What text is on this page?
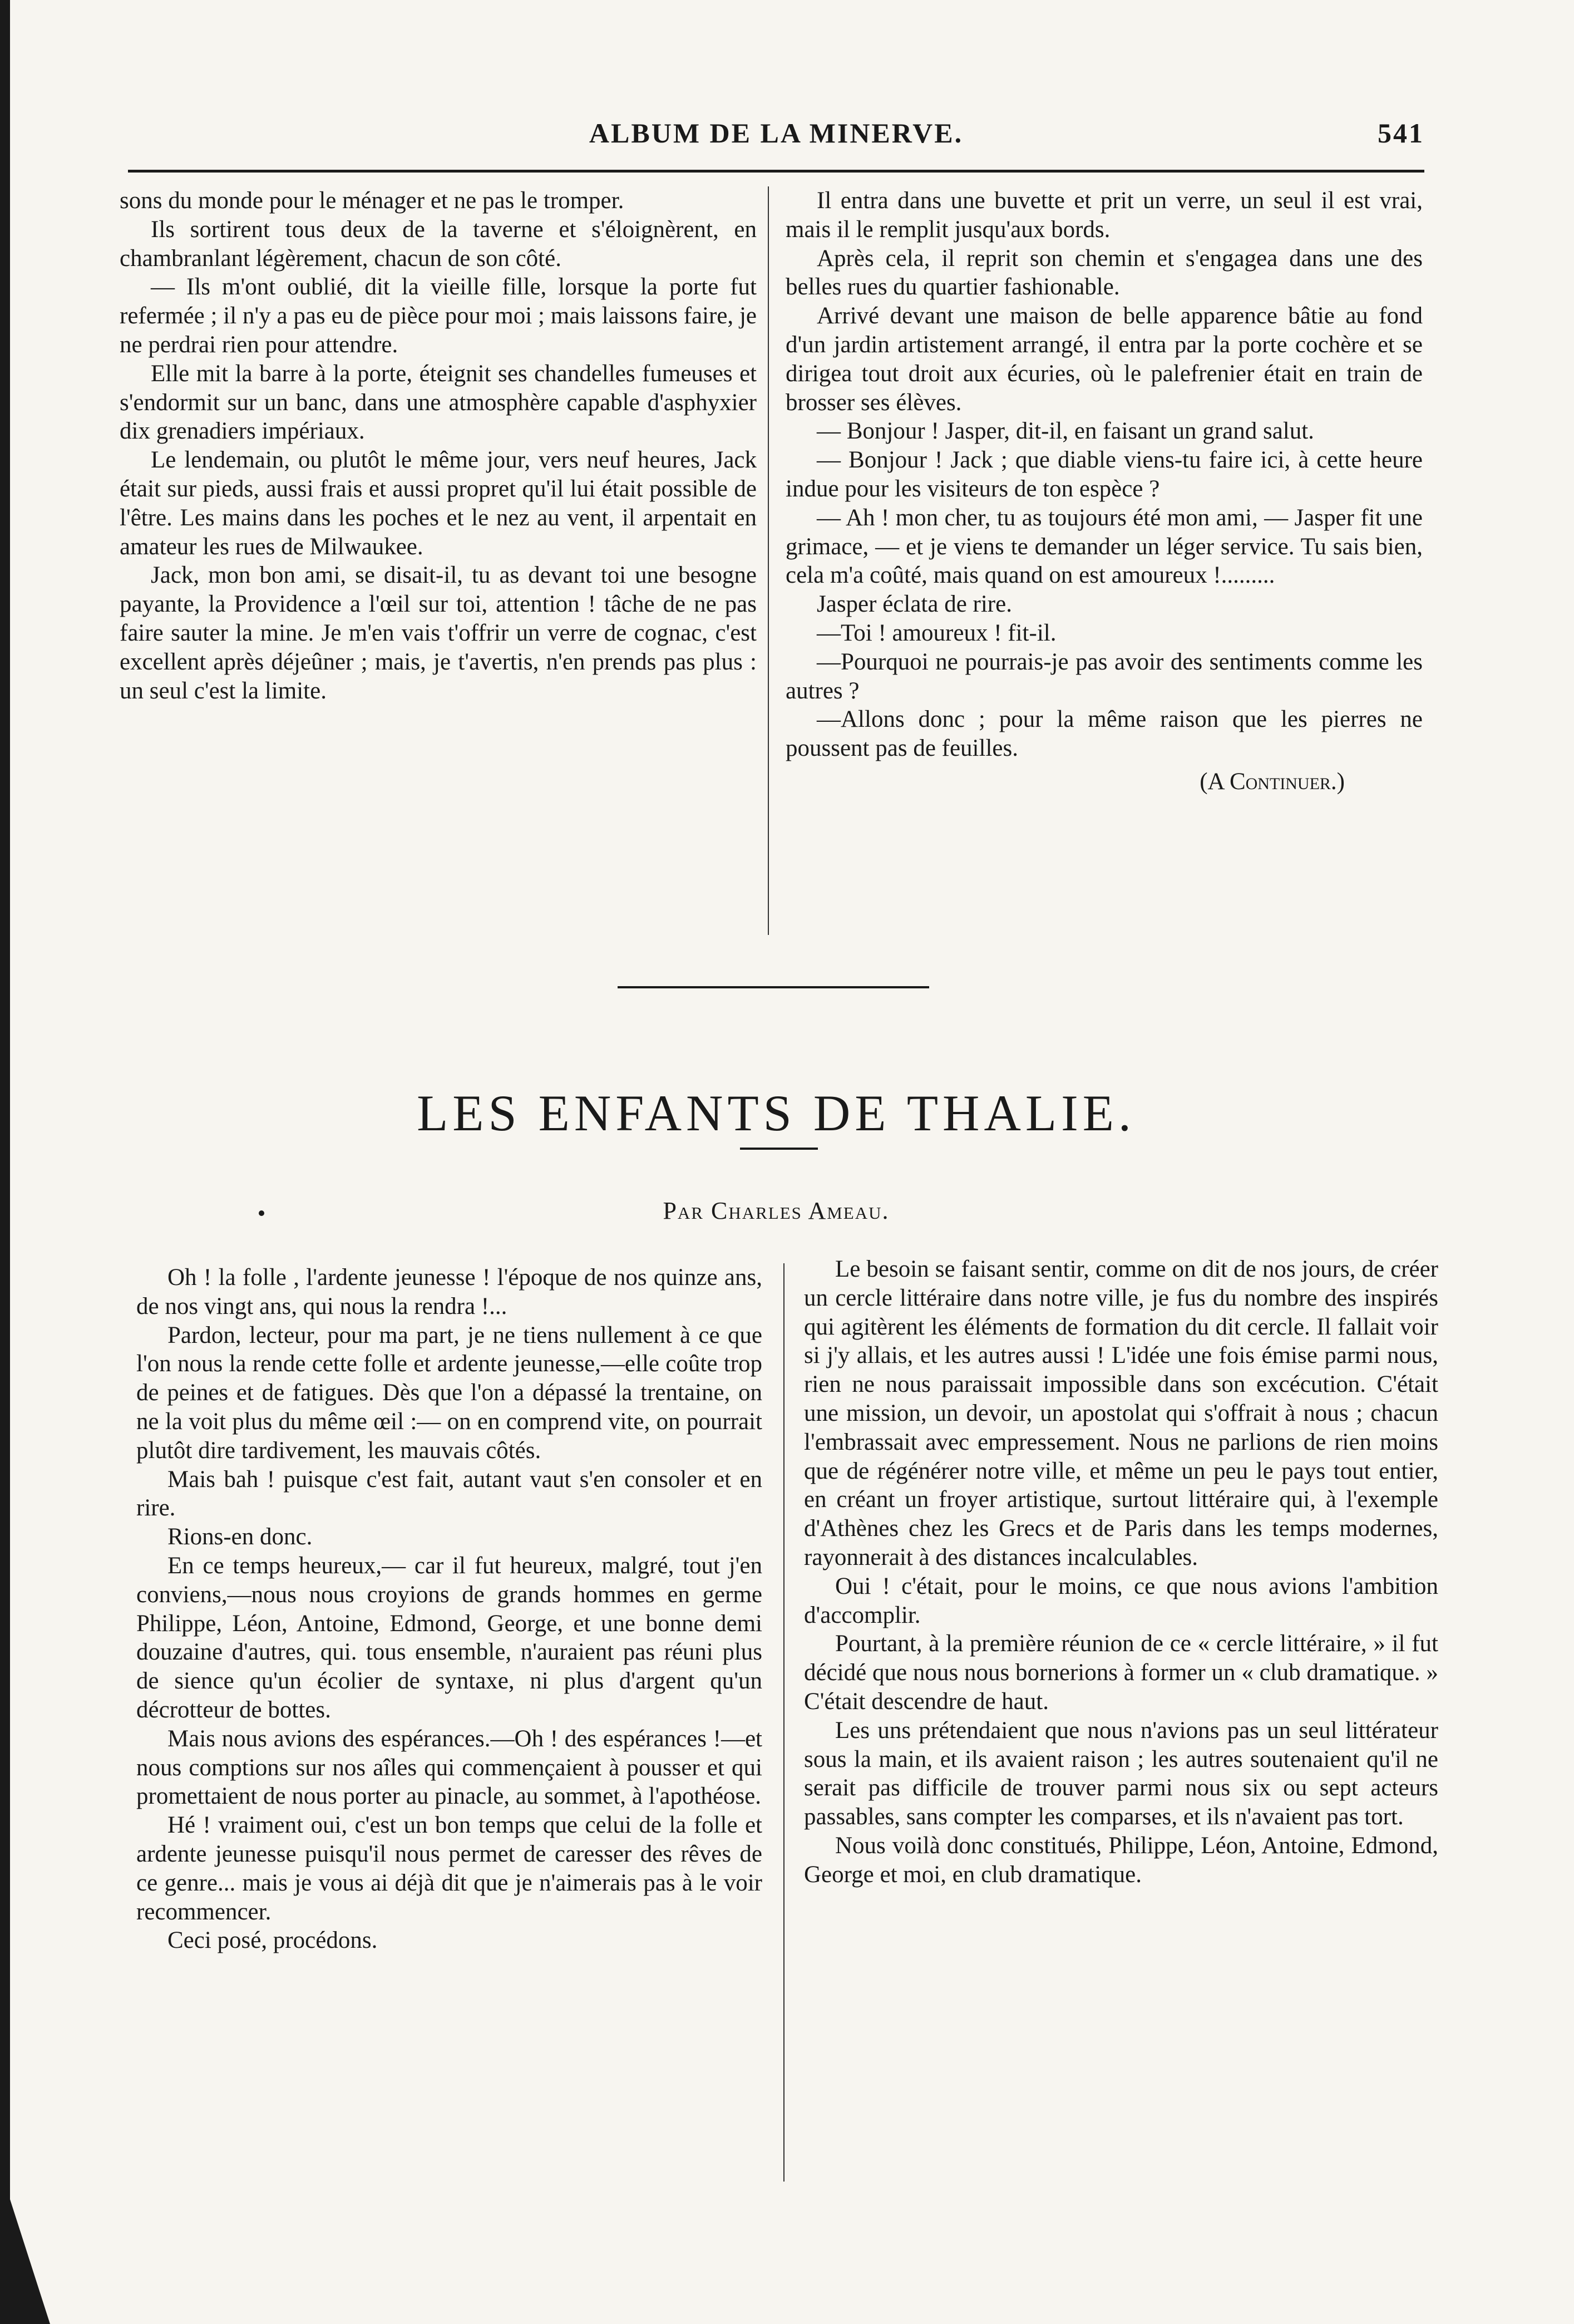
ALBUM DE LA MINERVE.	541

sons du monde pour le ménager et ne pas le tromper.

Ils sortirent tous deux de la taverne et s'éloignèrent, en chambranlant légèrement, chacun de son côté.

— Ils m'ont oublié, dit la vieille fille, lorsque la porte fut refermée ; il n'y a pas eu de pièce pour moi ; mais laissons faire, je ne perdrai rien pour attendre.

Elle mit la barre à la porte, éteignit ses chandelles fumeuses et s'endormit sur un banc, dans une atmosphère capable d'asphyxier dix grenadiers impériaux.

Le lendemain, ou plutôt le même jour, vers neuf heures, Jack était sur pieds, aussi frais et aussi propret qu'il lui était possible de l'être. Les mains dans les poches et le nez au vent, il arpentait en amateur les rues de Milwaukee.

Jack, mon bon ami, se disait-il, tu as devant toi une besogne payante, la Providence a l'œil sur toi, attention ! tâche de ne pas faire sauter la mine. Je m'en vais t'offrir un verre de cognac, c'est excellent après déjeûner ; mais, je t'avertis, n'en prends pas plus : un seul c'est la limite.

Il entra dans une buvette et prit un verre, un seul il est vrai, mais il le remplit jusqu'aux bords.

Après cela, il reprit son chemin et s'engagea dans une des belles rues du quartier fashionable.

Arrivé devant une maison de belle apparence bâtie au fond d'un jardin artistement arrangé, il entra par la porte cochère et se dirigea tout droit aux écuries, où le palefrenier était en train de brosser ses élèves.

— Bonjour ! Jasper, dit-il, en faisant un grand salut.

— Bonjour ! Jack ; que diable viens-tu faire ici, à cette heure indue pour les visiteurs de ton espèce ?

— Ah ! mon cher, tu as toujours été mon ami, — Jasper fit une grimace, — et je viens te demander un léger service. Tu sais bien, cela m'a coûté, mais quand on est amoureux !.........

Jasper éclata de rire.

—Toi ! amoureux ! fit-il.

—Pourquoi ne pourrais-je pas avoir des sentiments comme les autres ?

—Allons donc ; pour la même raison que les pierres ne poussent pas de feuilles.

(A Continuer.)
LES ENFANTS DE THALIE.
Par Charles Ameau.

Oh ! la folle , l'ardente jeunesse ! l'époque de nos quinze ans, de nos vingt ans, qui nous la rendra !...

Pardon, lecteur, pour ma part, je ne tiens nullement à ce que l'on nous la rende cette folle et ardente jeunesse,—elle coûte trop de peines et de fatigues. Dès que l'on a dépassé la trentaine, on ne la voit plus du même œil :— on en comprend vite, on pourrait plutôt dire tardivement, les mauvais côtés.

Mais bah ! puisque c'est fait, autant vaut s'en consoler et en rire.

Rions-en donc.

En ce temps heureux,— car il fut heureux, malgré, tout j'en conviens,—nous nous croyions de grands hommes en germe Philippe, Léon, Antoine, Edmond, George, et une bonne demi douzaine d'autres, qui. tous ensemble, n'auraient pas réuni plus de sience qu'un écolier de syntaxe, ni plus d'argent qu'un décrotteur de bottes.

Mais nous avions des espérances.—Oh ! des espérances !—et nous comptions sur nos aîles qui commençaient à pousser et qui promettaient de nous porter au pinacle, au sommet, à l'apothéose.

Hé ! vraiment oui, c'est un bon temps que celui de la folle et ardente jeunesse puisqu'il nous permet de caresser des rêves de ce genre... mais je vous ai déjà dit que je n'aimerais pas à le voir recommencer.

Ceci posé, procédons.

Le besoin se faisant sentir, comme on dit de nos jours, de créer un cercle littéraire dans notre ville, je fus du nombre des inspirés qui agitèrent les éléments de formation du dit cercle. Il fallait voir si j'y allais, et les autres aussi ! L'idée une fois émise parmi nous, rien ne nous paraissait impossible dans son excécution. C'était une mission, un devoir, un apostolat qui s'offrait à nous ; chacun l'embrassait avec empressement. Nous ne parlions de rien moins que de régénérer notre ville, et même un peu le pays tout entier, en créant un froyer artistique, surtout littéraire qui, à l'exemple d'Athènes chez les Grecs et de Paris dans les temps modernes, rayonnerait à des distances incalculables.

Oui ! c'était, pour le moins, ce que nous avions l'ambition d'accomplir.

Pourtant, à la première réunion de ce « cercle littéraire, » il fut décidé que nous nous bornerions à former un « club dramatique. » C'était descendre de haut.

Les uns prétendaient que nous n'avions pas un seul littérateur sous la main, et ils avaient raison ; les autres soutenaient qu'il ne serait pas difficile de trouver parmi nous six ou sept acteurs passables, sans compter les comparses, et ils n'avaient pas tort.

Nous voilà donc constitués, Philippe, Léon, Antoine, Edmond, George et moi, en club dramatique.
